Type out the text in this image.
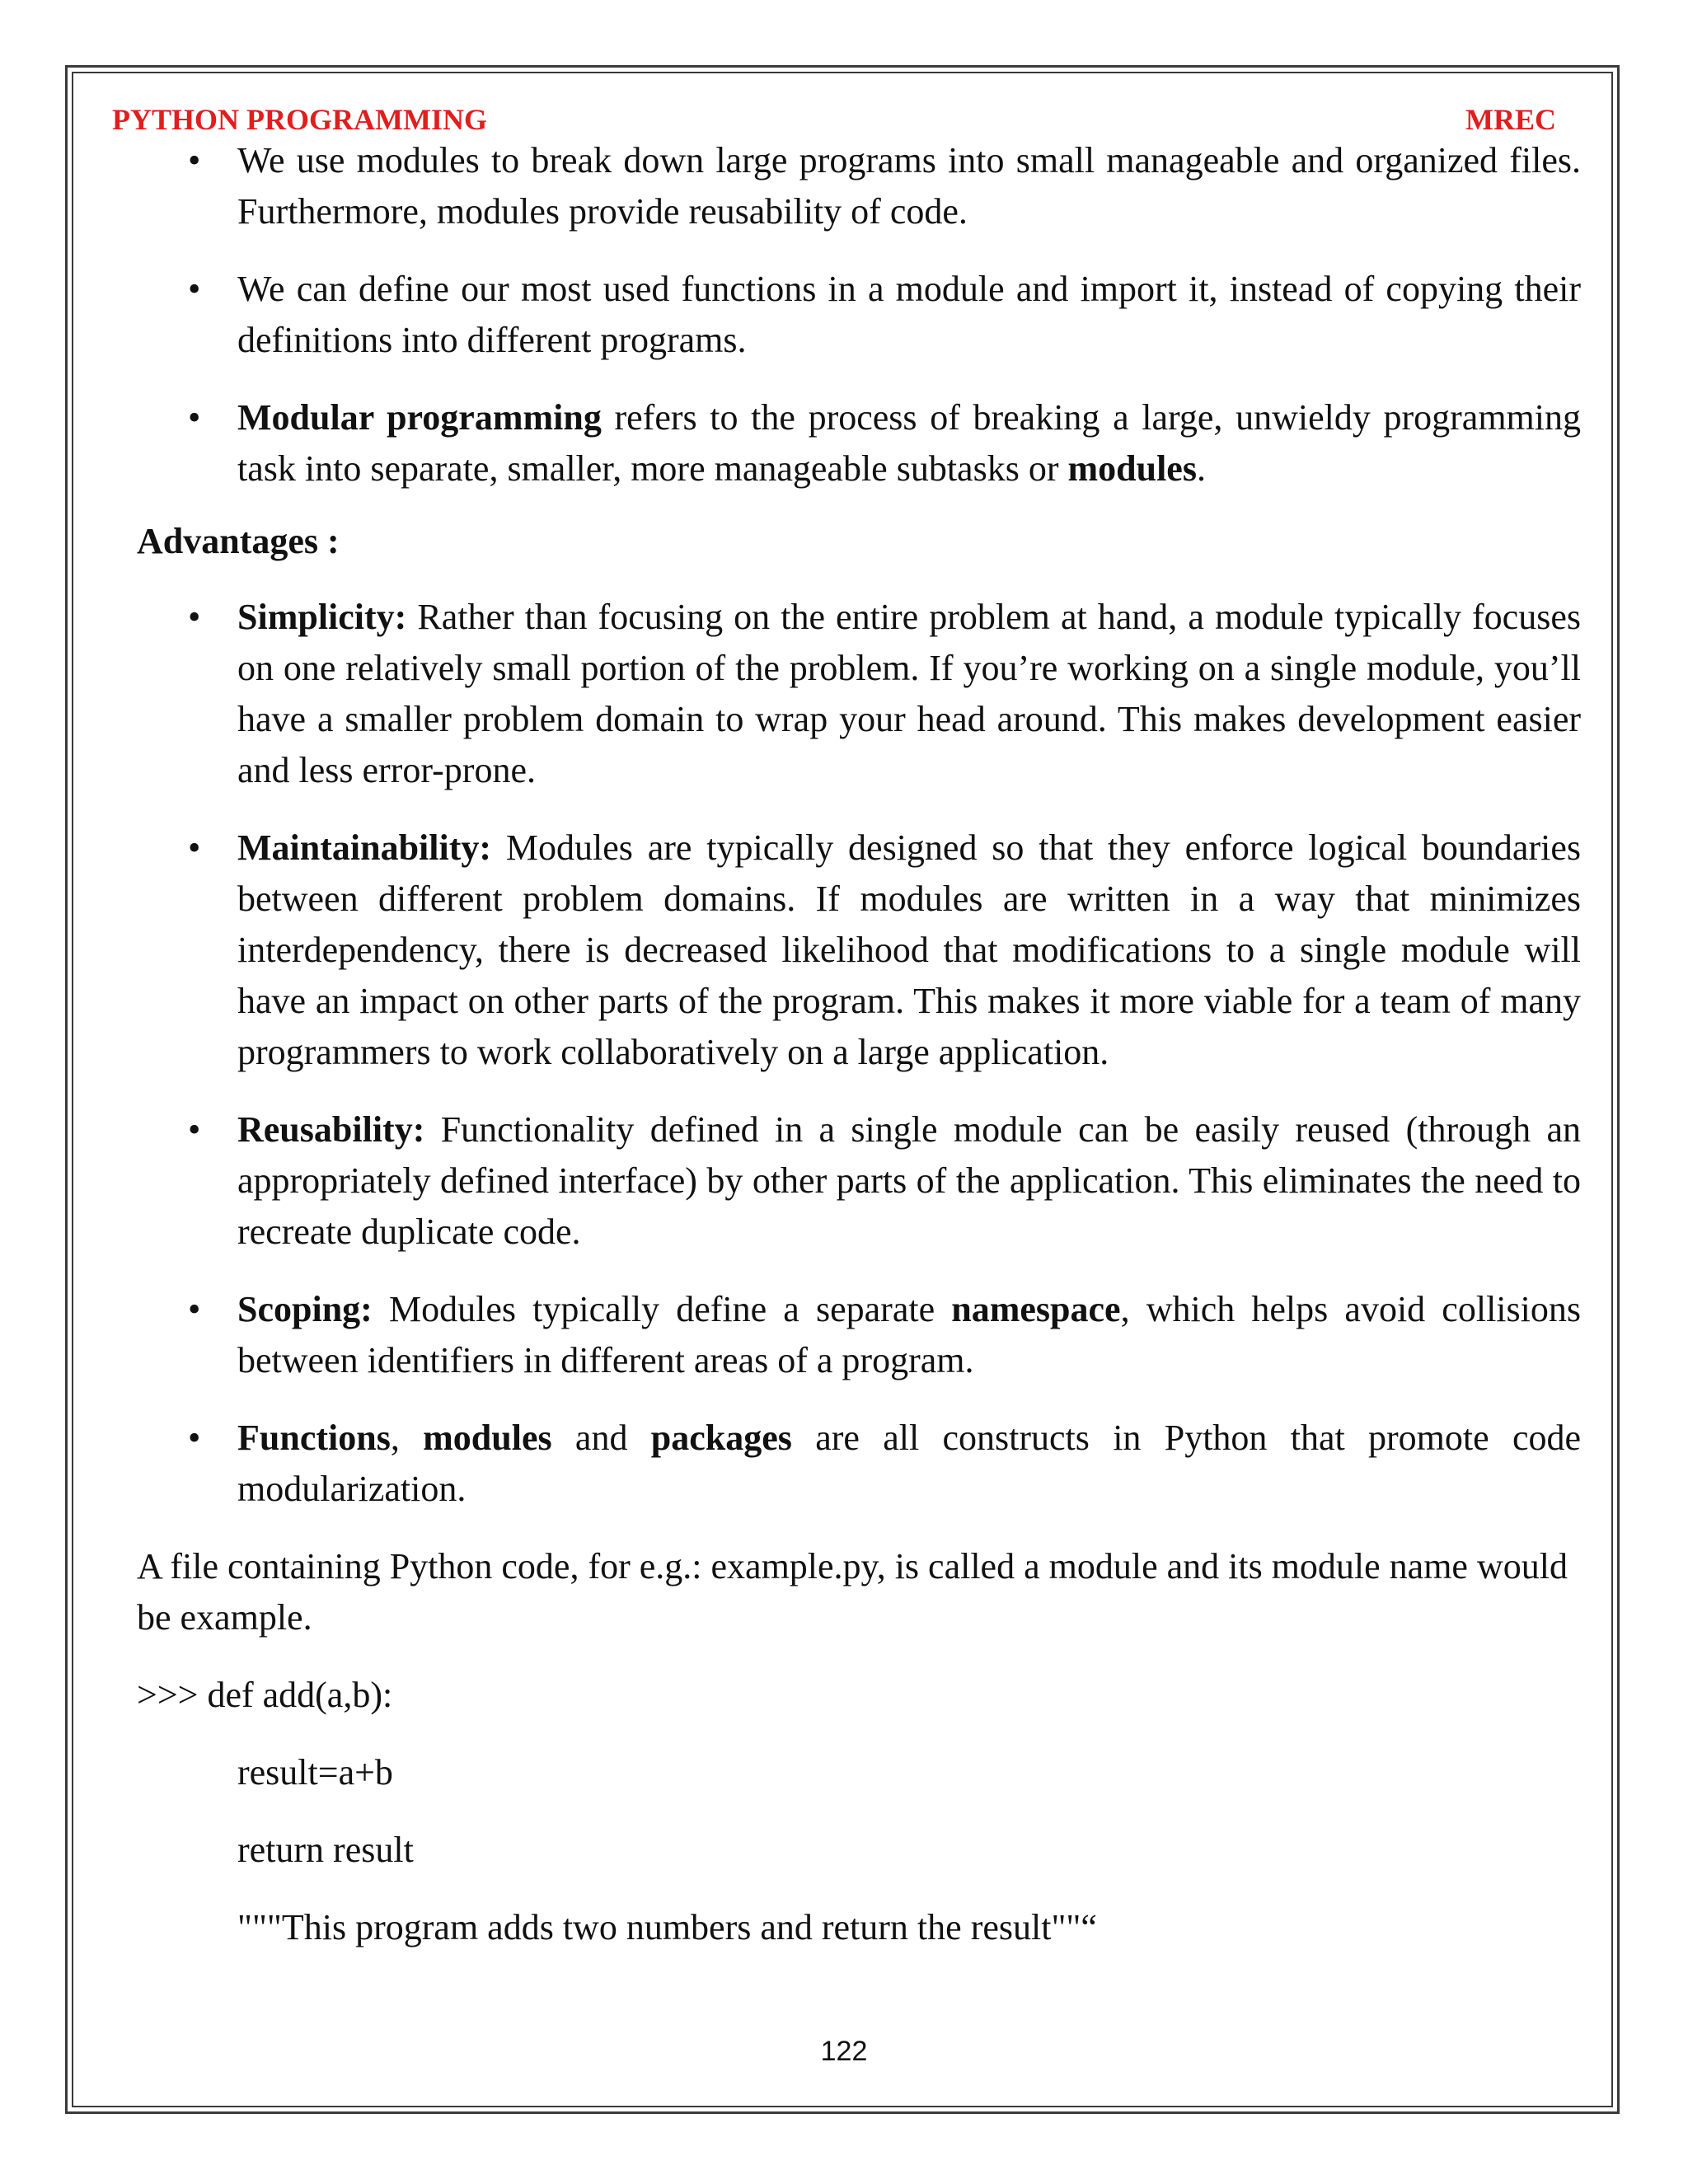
PYTHON PROGRAMMING	MREC
• We use modules to break down large programs into small manageable and organized files. Furthermore, modules provide reusability of code.
• We can define our most used functions in a module and import it, instead of copying their definitions into different programs.
• Modular programming refers to the process of breaking a large, unwieldy programming task into separate, smaller, more manageable subtasks or modules.
Advantages :
• Simplicity: Rather than focusing on the entire problem at hand, a module typically focuses on one relatively small portion of the problem. If you’re working on a single module, you’ll have a smaller problem domain to wrap your head around. This makes development easier and less error-prone.
• Maintainability: Modules are typically designed so that they enforce logical boundaries between different problem domains. If modules are written in a way that minimizes interdependency, there is decreased likelihood that modifications to a single module will have an impact on other parts of the program. This makes it more viable for a team of many programmers to work collaboratively on a large application.
• Reusability: Functionality defined in a single module can be easily reused (through an appropriately defined interface) by other parts of the application. This eliminates the need to recreate duplicate code.
• Scoping: Modules typically define a separate namespace, which helps avoid collisions between identifiers in different areas of a program.
• Functions, modules and packages are all constructs in Python that promote code modularization.

A file containing Python code, for e.g.: example.py, is called a module and its module name would be example.

>>> def add(a,b):

result=a+b

return result

"""This program adds two numbers and return the result""“

122
